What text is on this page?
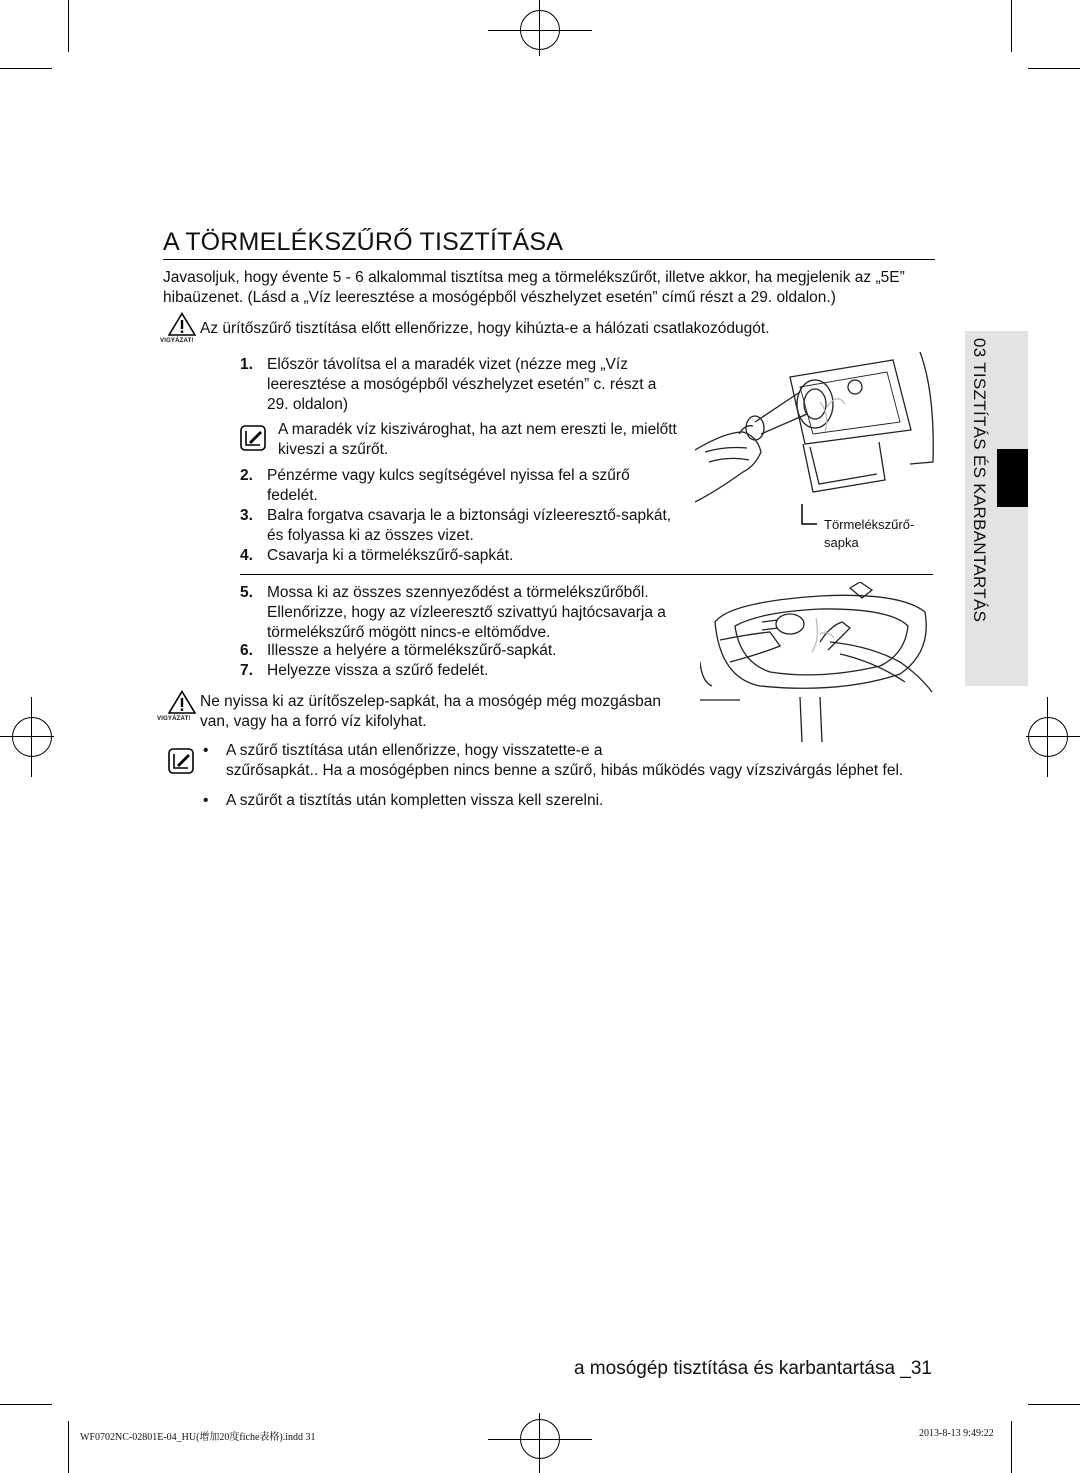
A TÖRMELÉKSZŰRŐ TISZTÍTÁSA
Javasoljuk, hogy évente 5 - 6 alkalommal tisztítsa meg a törmelékszűrőt, illetve akkor, ha megjelenik az „5E”
hibaüzenet. (Lásd a „Víz leeresztése a mosógépből vészhelyzet esetén” című részt a 29. oldalon.)
VIGYÁZAT!
Az ürítőszűrő tisztítása előtt ellenőrizze, hogy kihúzta-e a hálózati csatlakozódugót.
1. Először távolítsa el a maradék vizet (nézze meg „Víz
leeresztése a mosógépből vészhelyzet esetén” c. részt a
29. oldalon)
A maradék víz kiszivároghat, ha azt nem ereszti le, mielőtt
kiveszi a szűrőt.
2. Pénzérme vagy kulcs segítségével nyissa fel a szűrő
fedelét.
3. Balra forgatva csavarja le a biztonsági vízleeresztő-sapkát,
és folyassa ki az összes vizet.
4. Csavarja ki a törmelékszűrő-sapkát.
Törmelékszűrő-
sapka
5. Mossa ki az összes szennyeződést a törmelékszűrőből.
Ellenőrizze, hogy az vízleeresztő szivattyú hajtócsavarja a
törmelékszűrő mögött nincs-e eltömődve.
6. Illessze a helyére a törmelékszűrő-sapkát.
7. Helyezze vissza a szűrő fedelét.
VIGYÁZAT!
Ne nyissa ki az ürítőszelep-sapkát, ha a mosógép még mozgásban
van, vagy ha a forró víz kifolyhat.
• A szűrő tisztítása után ellenőrizze, hogy visszatette-e a
szűrősapkát.. Ha a mosógépben nincs benne a szűrő, hibás működés vagy vízszivárgás léphet fel.
• A szűrőt a tisztítás után kompletten vissza kell szerelni.
03 TISZTÍTÁS ÉS KARBANTARTÁS
a mosógép tisztítása és karbantartása _31
WF0702NC-02801E-04_HU(增加20度fiche表格).indd 31	2013-8-13 9:49:22
